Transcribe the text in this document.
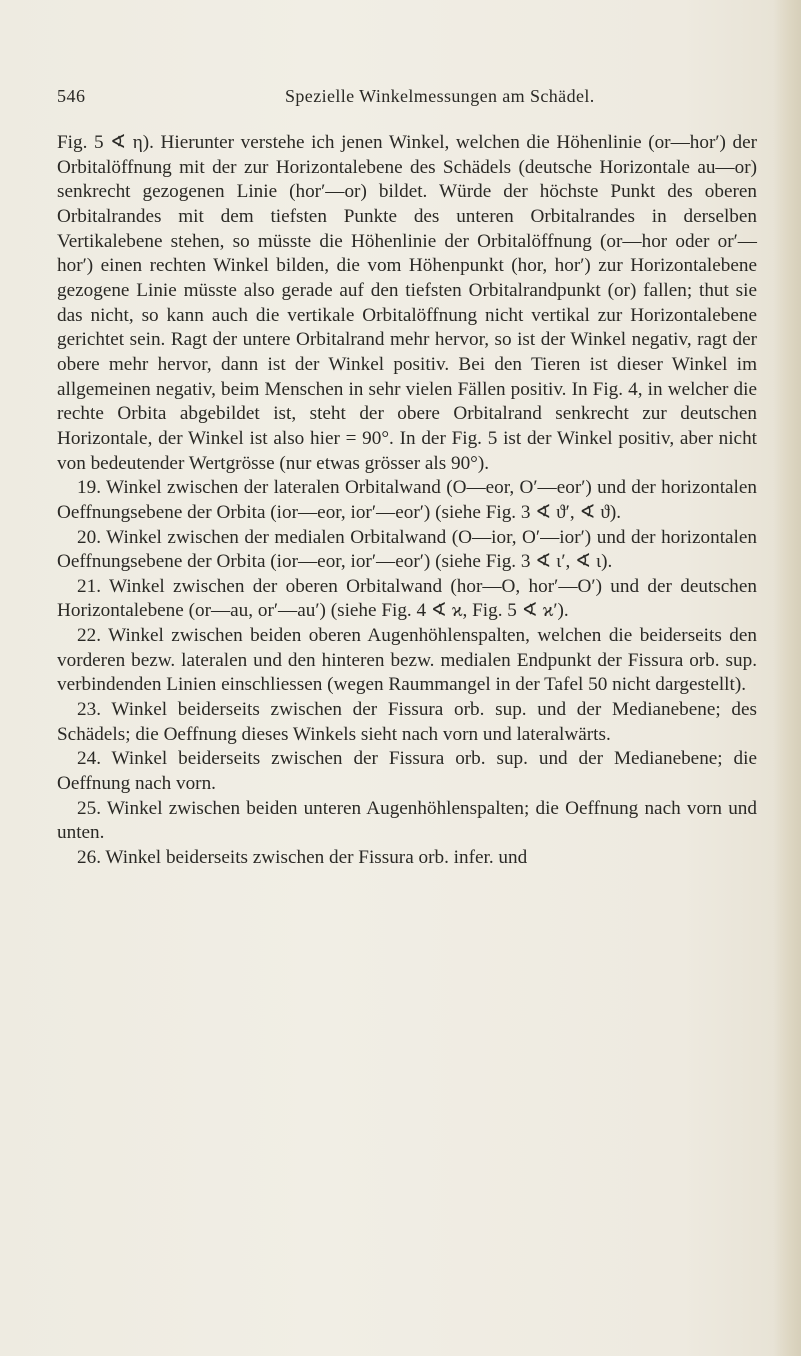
546	Spezielle Winkelmessungen am Schädel.

Fig. 5 ∢ η). Hierunter verstehe ich jenen Winkel, welchen die Höhenlinie (or—hor′) der Orbitalöffnung mit der zur Horizontalebene des Schädels (deutsche Horizontale au—or) senkrecht gezogenen Linie (hor′—or) bildet. Würde der höchste Punkt des oberen Orbitalrandes mit dem tiefsten Punkte des unteren Orbitalrandes in derselben Vertikalebene stehen, so müsste die Höhenlinie der Orbitalöffnung (or—hor oder or′—hor′) einen rechten Winkel bilden, die vom Höhenpunkt (hor, hor′) zur Horizontalebene gezogene Linie müsste also gerade auf den tiefsten Orbitalrandpunkt (or) fallen; thut sie das nicht, so kann auch die vertikale Orbitalöffnung nicht vertikal zur Horizontalebene gerichtet sein. Ragt der untere Orbitalrand mehr hervor, so ist der Winkel negativ, ragt der obere mehr hervor, dann ist der Winkel positiv. Bei den Tieren ist dieser Winkel im allgemeinen negativ, beim Menschen in sehr vielen Fällen positiv. In Fig. 4, in welcher die rechte Orbita abgebildet ist, steht der obere Orbitalrand senkrecht zur deutschen Horizontale, der Winkel ist also hier = 90°. In der Fig. 5 ist der Winkel positiv, aber nicht von bedeutender Wertgrösse (nur etwas grösser als 90°).

19. Winkel zwischen der lateralen Orbitalwand (O—eor, O′—eor′) und der horizontalen Oeffnungsebene der Orbita (ior—eor, ior′—eor′) (siehe Fig. 3 ∢ ϑ′, ∢ ϑ).

20. Winkel zwischen der medialen Orbitalwand (O—ior, O′—ior′) und der horizontalen Oeffnungsebene der Orbita (ior—eor, ior′—eor′) (siehe Fig. 3 ∢ ι′, ∢ ι).

21. Winkel zwischen der oberen Orbitalwand (hor—O, hor′—O′) und der deutschen Horizontalebene (or—au, or′—au′) (siehe Fig. 4 ∢ ϰ, Fig. 5 ∢ ϰ′).

22. Winkel zwischen beiden oberen Augenhöhlenspalten, welchen die beiderseits den vorderen bezw. lateralen und den hinteren bezw. medialen Endpunkt der Fissura orb. sup. verbindenden Linien einschliessen (wegen Raummangel in der Tafel 50 nicht dargestellt).

23. Winkel beiderseits zwischen der Fissura orb. sup. und der Medianebene; des Schädels; die Oeffnung dieses Winkels sieht nach vorn und lateralwärts.

24. Winkel beiderseits zwischen der Fissura orb. sup. und der Medianebene; die Oeffnung nach vorn.

25. Winkel zwischen beiden unteren Augenhöhlenspalten; die Oeffnung nach vorn und unten.

26. Winkel beiderseits zwischen der Fissura orb. infer. und
